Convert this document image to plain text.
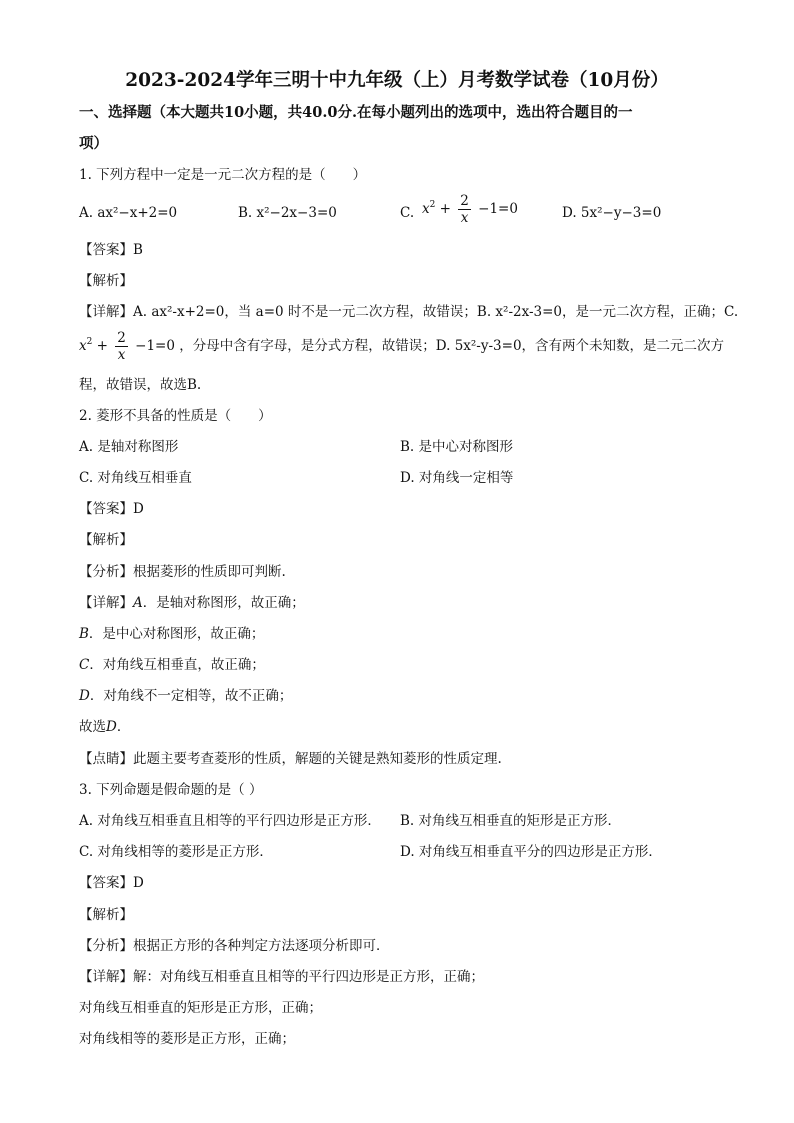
2023-2024学年三明十中九年级（上）月考数学试卷（10月份）
一、选择题（本大题共10小题，共40.0分.在每小题列出的选项中，选出符合题目的一
项）
1. 下列方程中一定是一元二次方程的是（　　）
A. ax²−x+2=0	B. x²−2x−3=0	C. $x^2 + \frac{2}{x} -1=0$	D. 5x²−y−3=0
【答案】B
【解析】
【详解】A. ax²-x+2=0，当 a=0 时不是一元二次方程，故错误；B. x²-2x-3=0，是一元二次方程，正确；C.
$x^2 + \frac{2}{x} -1=0$ ，分母中含有字母，是分式方程，故错误；D. 5x²-y-3=0，含有两个未知数，是二元二次方
程，故错误，故选B.
2. 菱形不具备的性质是（　　）
A. 是轴对称图形	B. 是中心对称图形
C. 对角线互相垂直	D. 对角线一定相等
【答案】D
【解析】
【分析】根据菱形的性质即可判断.
【详解】A．是轴对称图形，故正确；
B．是中心对称图形，故正确；
C．对角线互相垂直，故正确；
D．对角线不一定相等，故不正确；
故选D．
【点睛】此题主要考查菱形的性质，解题的关键是熟知菱形的性质定理.
3. 下列命题是假命题的是（ ）
A. 对角线互相垂直且相等的平行四边形是正方形． B. 对角线互相垂直的矩形是正方形．
C. 对角线相等的菱形是正方形．	D. 对角线互相垂直平分的四边形是正方形．
【答案】D
【解析】
【分析】根据正方形的各种判定方法逐项分析即可．
【详解】解：对角线互相垂直且相等的平行四边形是正方形，正确；
对角线互相垂直的矩形是正方形，正确；
对角线相等的菱形是正方形，正确；
